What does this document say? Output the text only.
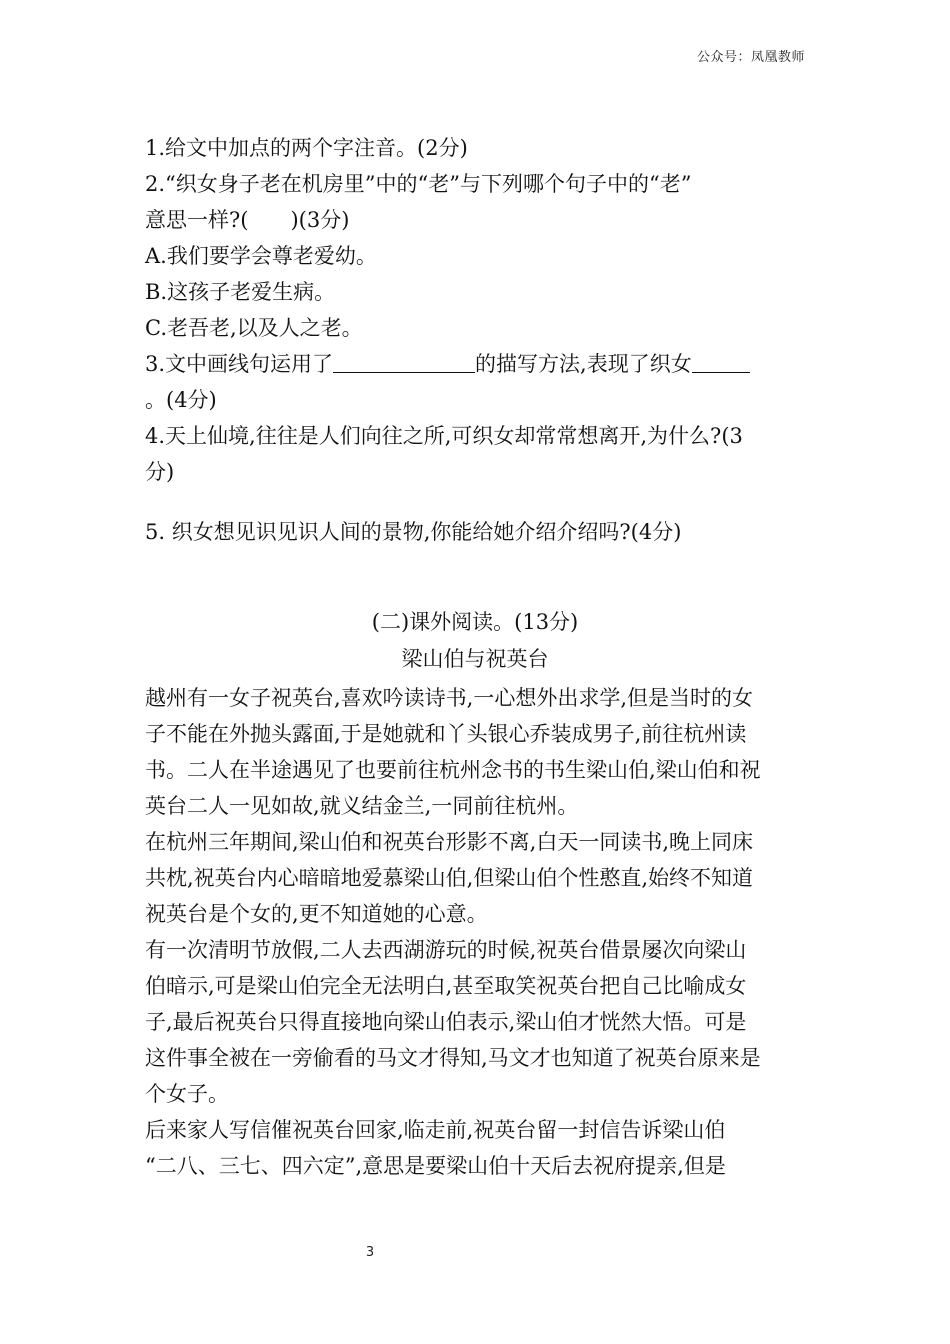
公众号：凤凰教师

1.给文中加点的两个字注音。(2分)

2.“织女身子老在机房里”中的“老”与下列哪个句子中的“老”

意思一样?(　　)(3分)

A.我们要学会尊老爱幼。

B.这孩子老爱生病。

C.老吾老,以及人之老。

3.文中画线句运用了	的描写方法,表现了织女

。(4分)

4.天上仙境,往往是人们向往之所,可织女却常常想离开,为什么?(3

分)

5. 织女想见识见识人间的景物,你能给她介绍介绍吗?(4分)

(二)课外阅读。(13分)

梁山伯与祝英台

越州有一女子祝英台,喜欢吟读诗书,一心想外出求学,但是当时的女
子不能在外抛头露面,于是她就和丫头银心乔装成男子,前往杭州读
书。二人在半途遇见了也要前往杭州念书的书生梁山伯,梁山伯和祝
英台二人一见如故,就义结金兰,一同前往杭州。

在杭州三年期间,梁山伯和祝英台形影不离,白天一同读书,晚上同床
共枕,祝英台内心暗暗地爱慕梁山伯,但梁山伯个性憨直,始终不知道
祝英台是个女的,更不知道她的心意。

有一次清明节放假,二人去西湖游玩的时候,祝英台借景屡次向梁山
伯暗示,可是梁山伯完全无法明白,甚至取笑祝英台把自己比喻成女
子,最后祝英台只得直接地向梁山伯表示,梁山伯才恍然大悟。可是
这件事全被在一旁偷看的马文才得知,马文才也知道了祝英台原来是
个女子。

后来家人写信催祝英台回家,临走前,祝英台留一封信告诉梁山伯
“二八、三七、四六定”,意思是要梁山伯十天后去祝府提亲,但是

3
